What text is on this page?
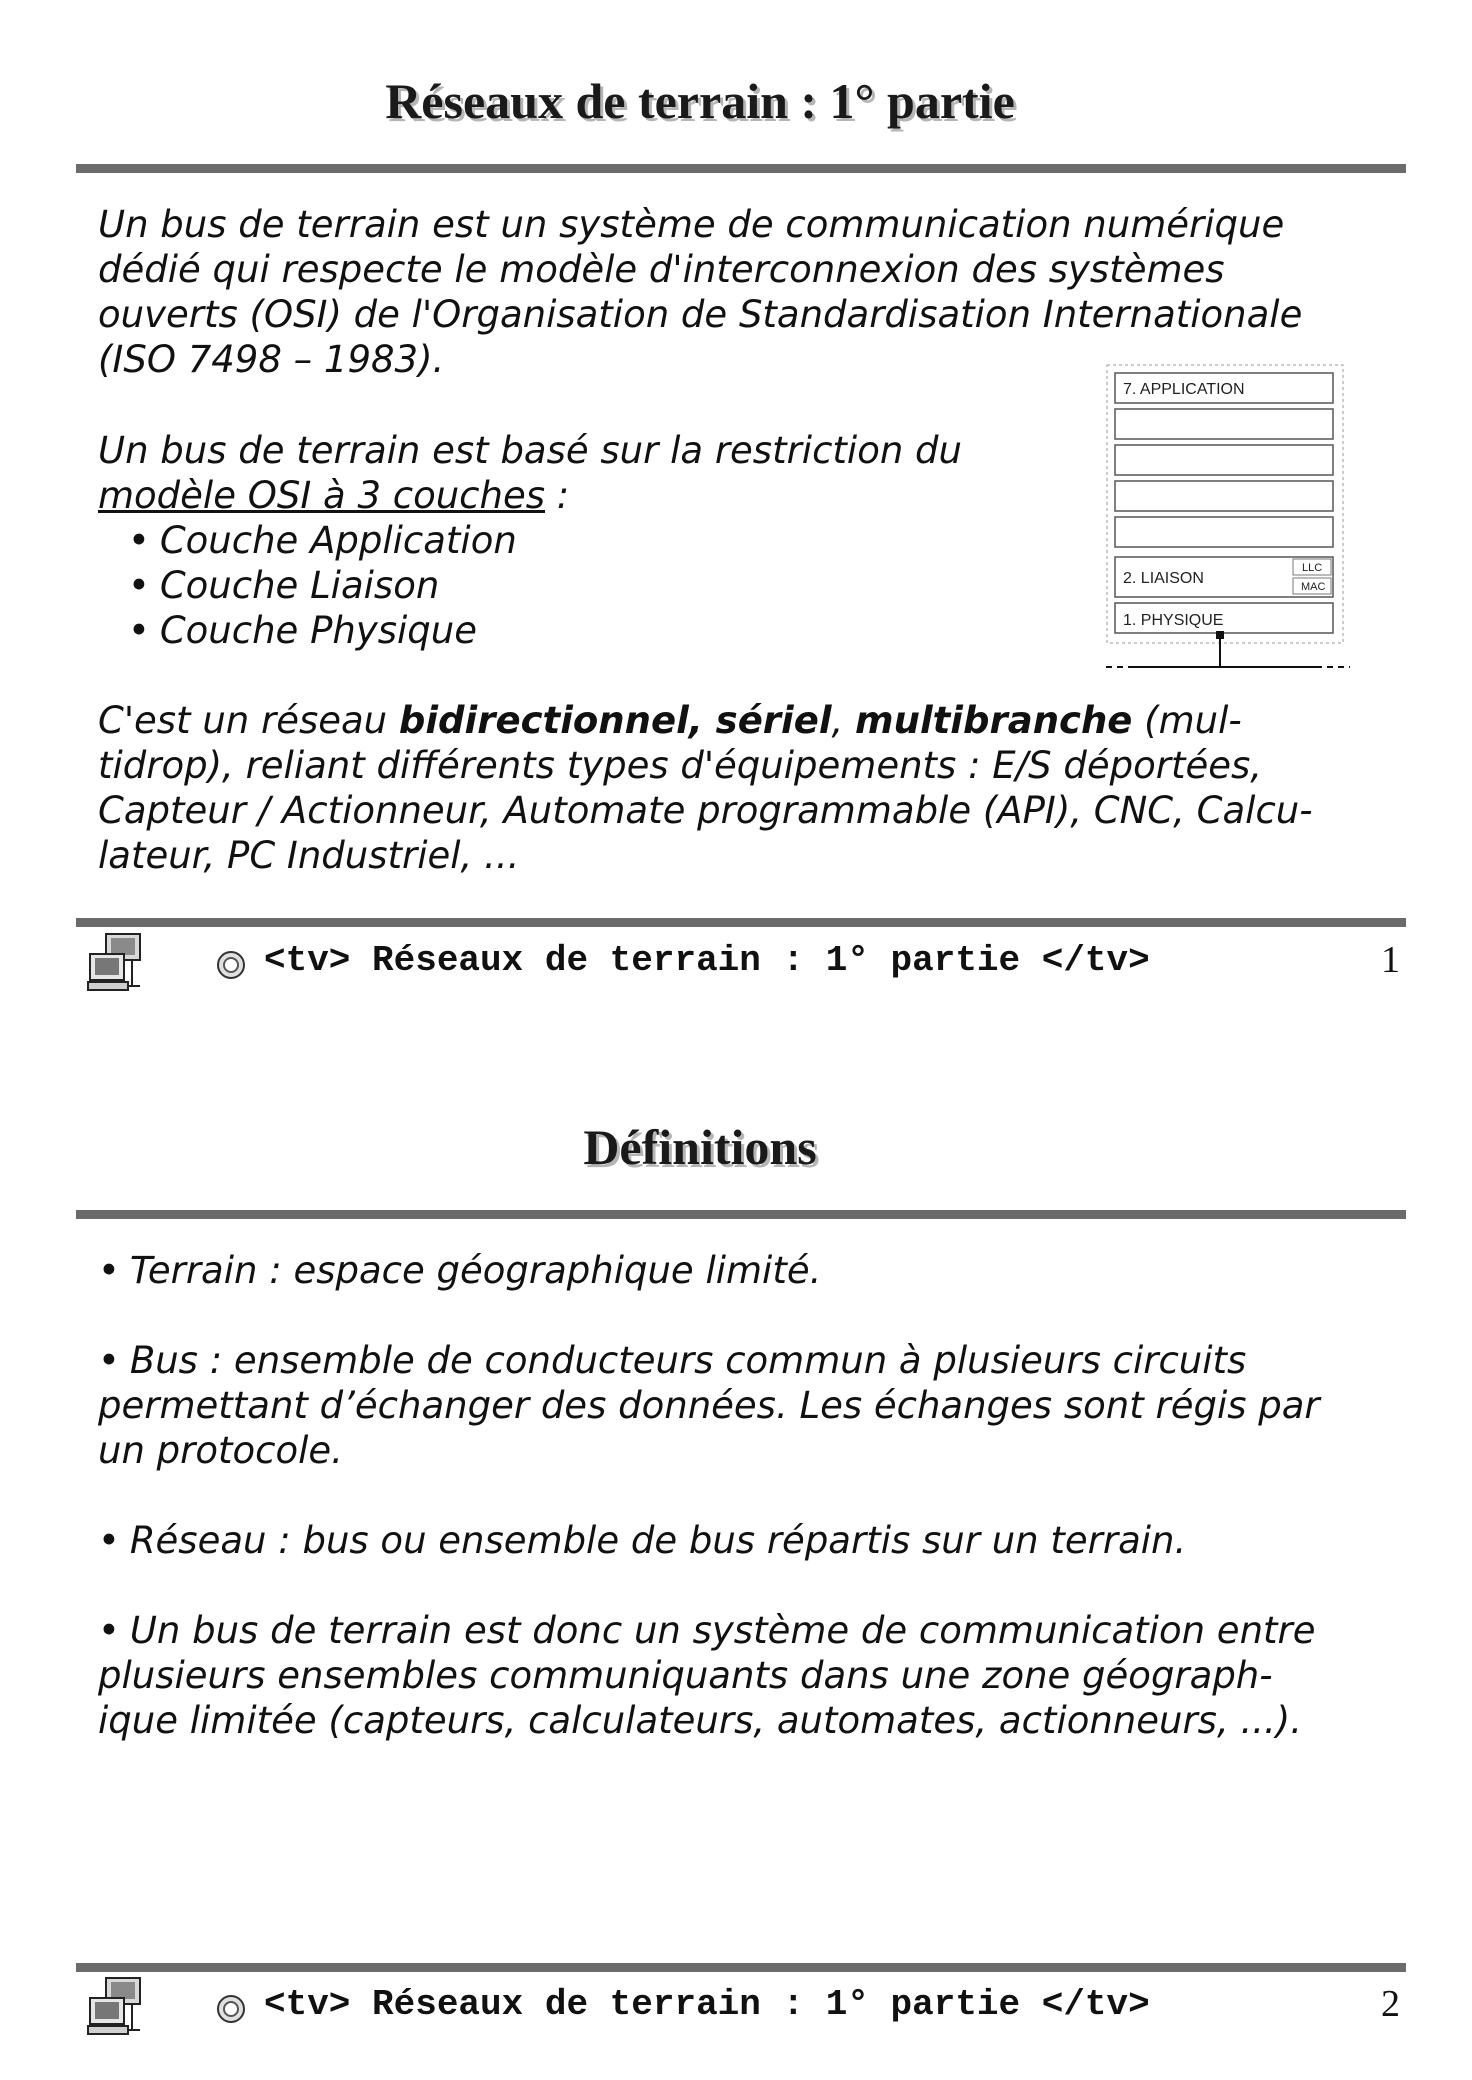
Réseaux de terrain : 1° partie
Un bus de terrain est un système de communication numérique
dédié qui respecte le modèle d'interconnexion des systèmes
ouverts (OSI) de l'Organisation de Standardisation Internationale
(ISO 7498 – 1983).
Un bus de terrain est basé sur la restriction du
modèle OSI à 3 couches :
• Couche Application
• Couche Liaison
• Couche Physique
7. APPLICATION
2. LIAISON
LLC
MAC
1. PHYSIQUE
C'est un réseau bidirectionnel, sériel, multibranche (mul-
tidrop), reliant différents types d'équipements : E/S déportées,
Capteur / Actionneur, Automate programmable (API), CNC, Calcu-
lateur, PC Industriel, ...
<tv> Réseaux de terrain : 1° partie </tv>	1
Définitions
• Terrain : espace géographique limité.
• Bus : ensemble de conducteurs commun à plusieurs circuits
permettant d’échanger des données. Les échanges sont régis par
un protocole.
• Réseau : bus ou ensemble de bus répartis sur un terrain.
• Un bus de terrain est donc un système de communication entre
plusieurs ensembles communiquants dans une zone géograph-
ique limitée (capteurs, calculateurs, automates, actionneurs, ...).
<tv> Réseaux de terrain : 1° partie </tv>	2
